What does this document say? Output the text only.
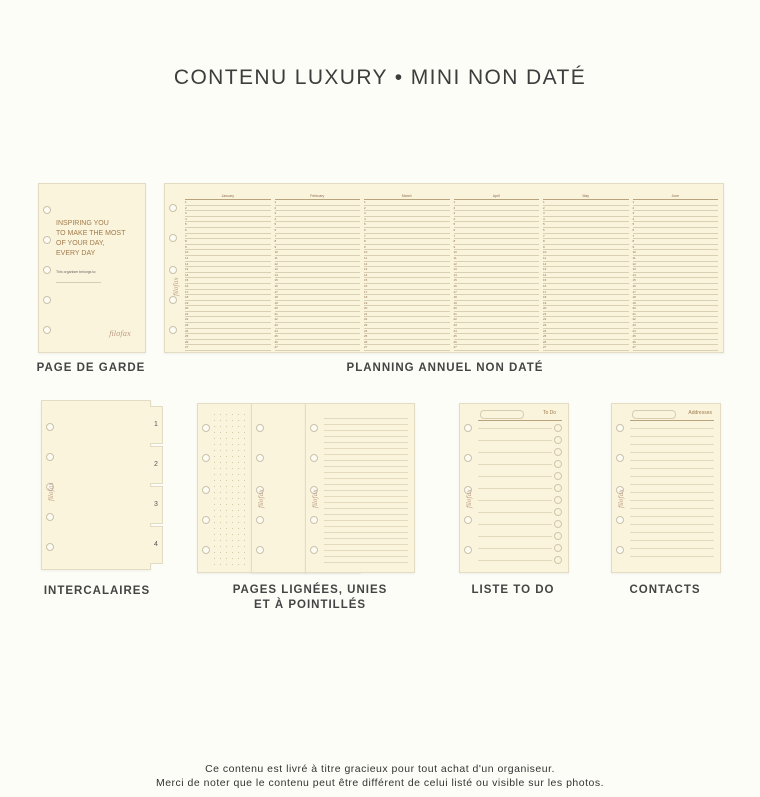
CONTENU LUXURY • MINI NON DATÉ
INSPIRING YOU
TO MAKE THE MOST
OF YOUR DAY,
EVERY DAY
This organiser belongs to:
filofax
PAGE DE GARDE
filofax
January
1
2
3
4
5
6
7
8
9
10
11
12
13
14
15
16
17
18
19
20
21
22
23
24
25
26
27
February
1
2
3
4
5
6
7
8
9
10
11
12
13
14
15
16
17
18
19
20
21
22
23
24
25
26
27
March
1
2
3
4
5
6
7
8
9
10
11
12
13
14
15
16
17
18
19
20
21
22
23
24
25
26
27
April
1
2
3
4
5
6
7
8
9
10
11
12
13
14
15
16
17
18
19
20
21
22
23
24
25
26
27
May
1
2
3
4
5
6
7
8
9
10
11
12
13
14
15
16
17
18
19
20
21
22
23
24
25
26
27
June
1
2
3
4
5
6
7
8
9
10
11
12
13
14
15
16
17
18
19
20
21
22
23
24
25
26
27
PLANNING ANNUEL NON DATÉ
filofax
1
2
3
4
INTERCALAIRES
filofax	filofax
PAGES LIGNÉES, UNIES
ET À POINTILLÉS
To Do
filofax
LISTE TO DO
Addresses
filofax
CONTACTS
Ce contenu est livré à titre gracieux pour tout achat d'un organiseur.
Merci de noter que le contenu peut être différent de celui listé ou visible sur les photos.
